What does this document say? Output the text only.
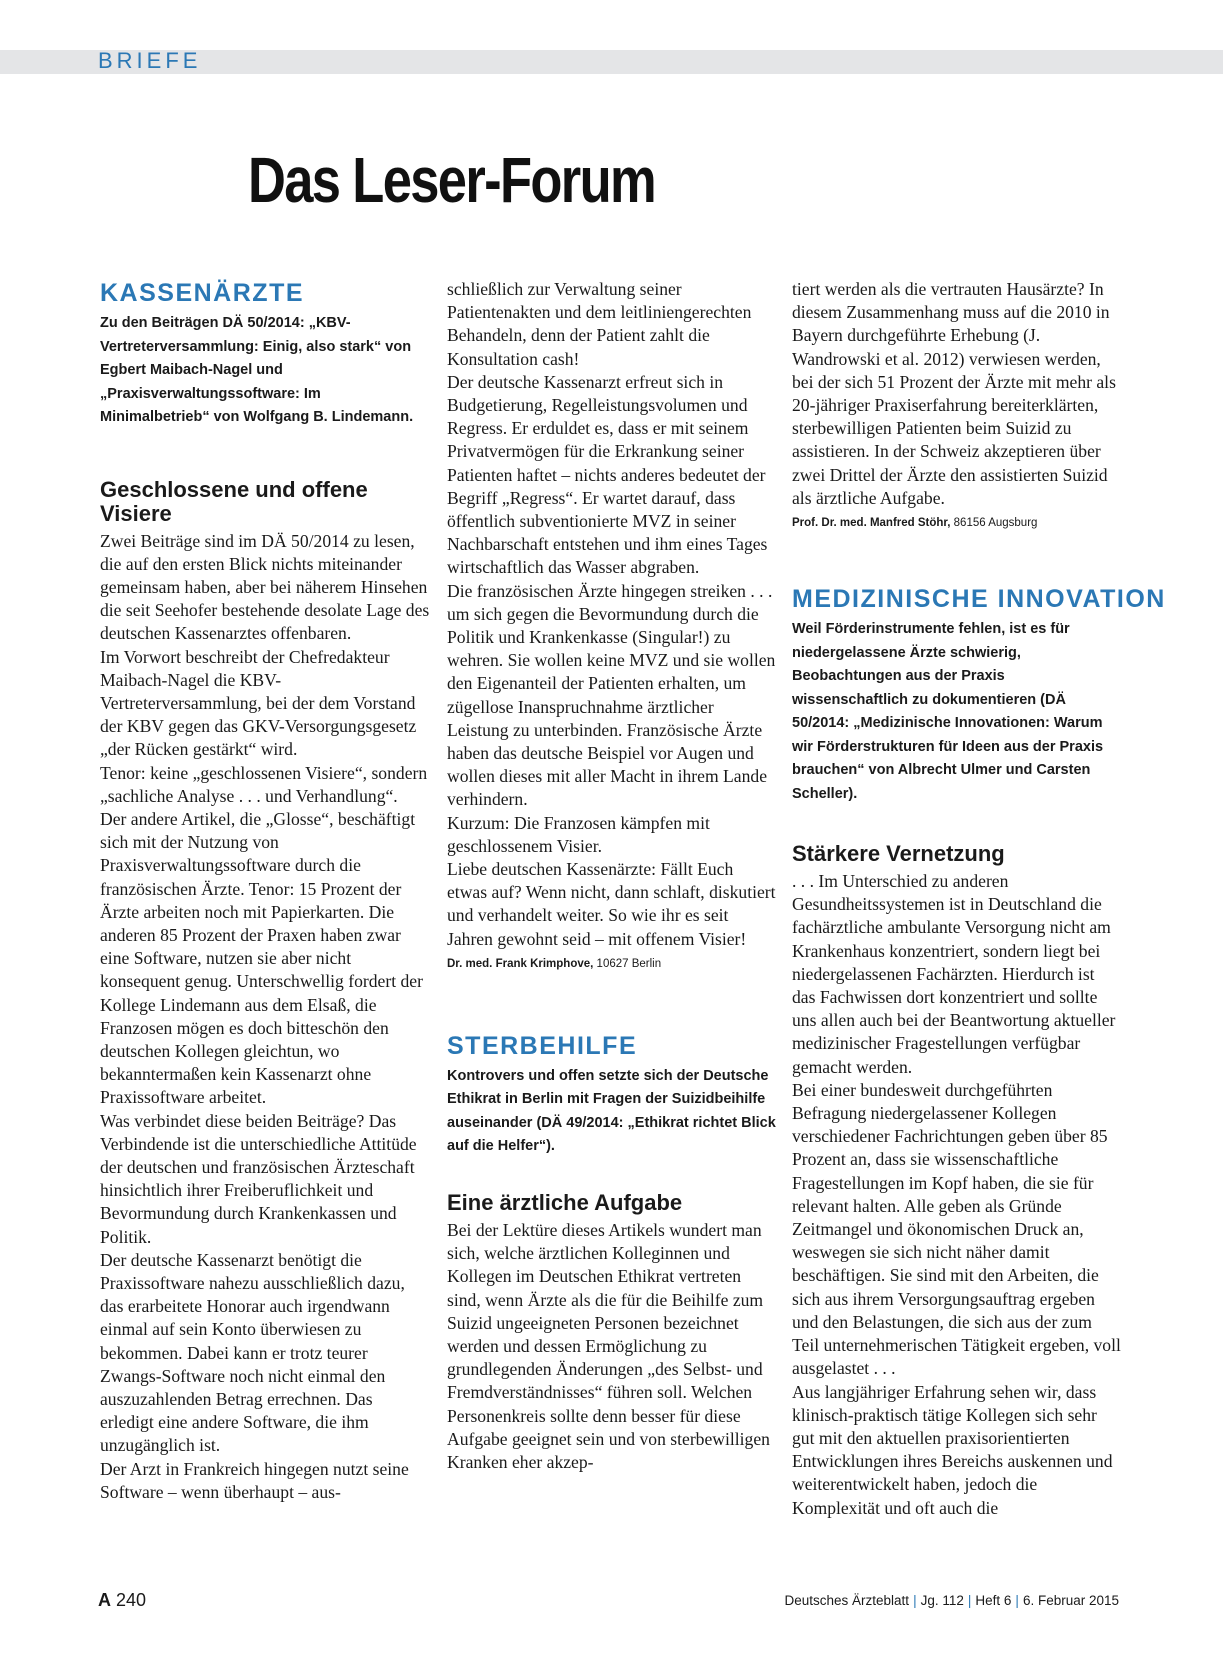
BRIEFE
Das Leser-Forum
KASSENÄRZTE

Zu den Beiträgen DÄ 50/2014: „KBV-Vertreterversammlung: Einig, also stark“ von Egbert Maibach-Nagel und „Praxisverwaltungssoftware: Im Minimalbetrieb“ von Wolfgang B. Lindemann.

Geschlossene und offene Visiere

Zwei Beiträge sind im DÄ 50/2014 zu lesen, die auf den ersten Blick nichts miteinander gemeinsam haben, aber bei näherem Hinsehen die seit Seehofer bestehende desolate Lage des deutschen Kassenarztes offenbaren.

Im Vorwort beschreibt der Chefredakteur Maibach-Nagel die KBV-Vertreterversammlung, bei der dem Vorstand der KBV gegen das GKV-Versorgungsgesetz „der Rücken gestärkt“ wird.

Tenor: keine „geschlossenen Visiere“, sondern „sachliche Analyse . . . und Verhandlung“.

Der andere Artikel, die „Glosse“, beschäftigt sich mit der Nutzung von Praxisverwaltungssoftware durch die französischen Ärzte. Tenor: 15 Prozent der Ärzte arbeiten noch mit Papierkarten. Die anderen 85 Prozent der Praxen haben zwar eine Software, nutzen sie aber nicht konsequent genug. Unterschwellig fordert der Kollege Lindemann aus dem Elsaß, die Franzosen mögen es doch bitteschön den deutschen Kollegen gleichtun, wo bekanntermaßen kein Kassenarzt ohne Praxissoftware arbeitet.

Was verbindet diese beiden Beiträge? Das Verbindende ist die unterschiedliche Attitüde der deutschen und französischen Ärzteschaft hinsichtlich ihrer Freiberuflichkeit und Bevormundung durch Krankenkassen und Politik.

Der deutsche Kassenarzt benötigt die Praxissoftware nahezu ausschließlich dazu, das erarbeitete Honorar auch irgendwann einmal auf sein Konto überwiesen zu bekommen. Dabei kann er trotz teurer Zwangs-Software noch nicht einmal den auszuzahlenden Betrag errechnen. Das erledigt eine andere Software, die ihm unzugänglich ist.

Der Arzt in Frankreich hingegen nutzt seine Software – wenn überhaupt – aus-

schließlich zur Verwaltung seiner Patientenakten und dem leitliniengerechten Behandeln, denn der Patient zahlt die Konsultation cash!

Der deutsche Kassenarzt erfreut sich in Budgetierung, Regelleistungsvolumen und Regress. Er erduldet es, dass er mit seinem Privatvermögen für die Erkrankung seiner Patienten haftet – nichts anderes bedeutet der Begriff „Regress“. Er wartet darauf, dass öffentlich subventionierte MVZ in seiner Nachbarschaft entstehen und ihm eines Tages wirtschaftlich das Wasser abgraben.

Die französischen Ärzte hingegen streiken . . . um sich gegen die Bevormundung durch die Politik und Krankenkasse (Singular!) zu wehren. Sie wollen keine MVZ und sie wollen den Eigenanteil der Patienten erhalten, um zügellose Inanspruchnahme ärztlicher Leistung zu unterbinden. Französische Ärzte haben das deutsche Beispiel vor Augen und wollen dieses mit aller Macht in ihrem Lande verhindern.

Kurzum: Die Franzosen kämpfen mit geschlossenem Visier.

Liebe deutschen Kassenärzte: Fällt Euch etwas auf? Wenn nicht, dann schlaft, diskutiert und verhandelt weiter. So wie ihr es seit Jahren gewohnt seid – mit offenem Visier!

Dr. med. Frank Krimphove, 10627 Berlin

STERBEHILFE

Kontrovers und offen setzte sich der Deutsche Ethikrat in Berlin mit Fragen der Suizidbeihilfe auseinander (DÄ 49/2014: „Ethikrat richtet Blick auf die Helfer“).

Eine ärztliche Aufgabe

Bei der Lektüre dieses Artikels wundert man sich, welche ärztlichen Kolleginnen und Kollegen im Deutschen Ethikrat vertreten sind, wenn Ärzte als die für die Beihilfe zum Suizid ungeeigneten Personen bezeichnet werden und dessen Ermöglichung zu grundlegenden Änderungen „des Selbst- und Fremdverständnisses“ führen soll. Welchen Personenkreis sollte denn besser für diese Aufgabe geeignet sein und von sterbewilligen Kranken eher akzep-

tiert werden als die vertrauten Hausärzte? In diesem Zusammenhang muss auf die 2010 in Bayern durchgeführte Erhebung (J. Wandrowski et al. 2012) verwiesen werden, bei der sich 51 Prozent der Ärzte mit mehr als 20-jähriger Praxiserfahrung bereiterklärten, sterbewilligen Patienten beim Suizid zu assistieren. In der Schweiz akzeptieren über zwei Drittel der Ärzte den assistierten Suizid als ärztliche Aufgabe.

Prof. Dr. med. Manfred Stöhr, 86156 Augsburg

MEDIZINISCHE INNOVATION

Weil Förderinstrumente fehlen, ist es für niedergelassene Ärzte schwierig, Beobachtungen aus der Praxis wissenschaftlich zu dokumentieren (DÄ 50/2014: „Medizinische Innovationen: Warum wir Förderstrukturen für Ideen aus der Praxis brauchen“ von Albrecht Ulmer und Carsten Scheller).

Stärkere Vernetzung

. . . Im Unterschied zu anderen Gesundheitssystemen ist in Deutschland die fachärztliche ambulante Versorgung nicht am Krankenhaus konzentriert, sondern liegt bei niedergelassenen Fachärzten. Hierdurch ist das Fachwissen dort konzentriert und sollte uns allen auch bei der Beantwortung aktueller medizinischer Fragestellungen verfügbar gemacht werden.

Bei einer bundesweit durchgeführten Befragung niedergelassener Kollegen verschiedener Fachrichtungen geben über 85 Prozent an, dass sie wissenschaftliche Fragestellungen im Kopf haben, die sie für relevant halten. Alle geben als Gründe Zeitmangel und ökonomischen Druck an, weswegen sie sich nicht näher damit beschäftigen. Sie sind mit den Arbeiten, die sich aus ihrem Versorgungsauftrag ergeben und den Belastungen, die sich aus der zum Teil unternehmerischen Tätigkeit ergeben, voll ausgelastet . . .

Aus langjähriger Erfahrung sehen wir, dass klinisch-praktisch tätige Kollegen sich sehr gut mit den aktuellen praxisorientierten Entwicklungen ihres Bereichs auskennen und weiterentwickelt haben, jedoch die Komplexität und oft auch die

A 240	Deutsches Ärzteblatt | Jg. 112 | Heft 6 | 6. Februar 2015
